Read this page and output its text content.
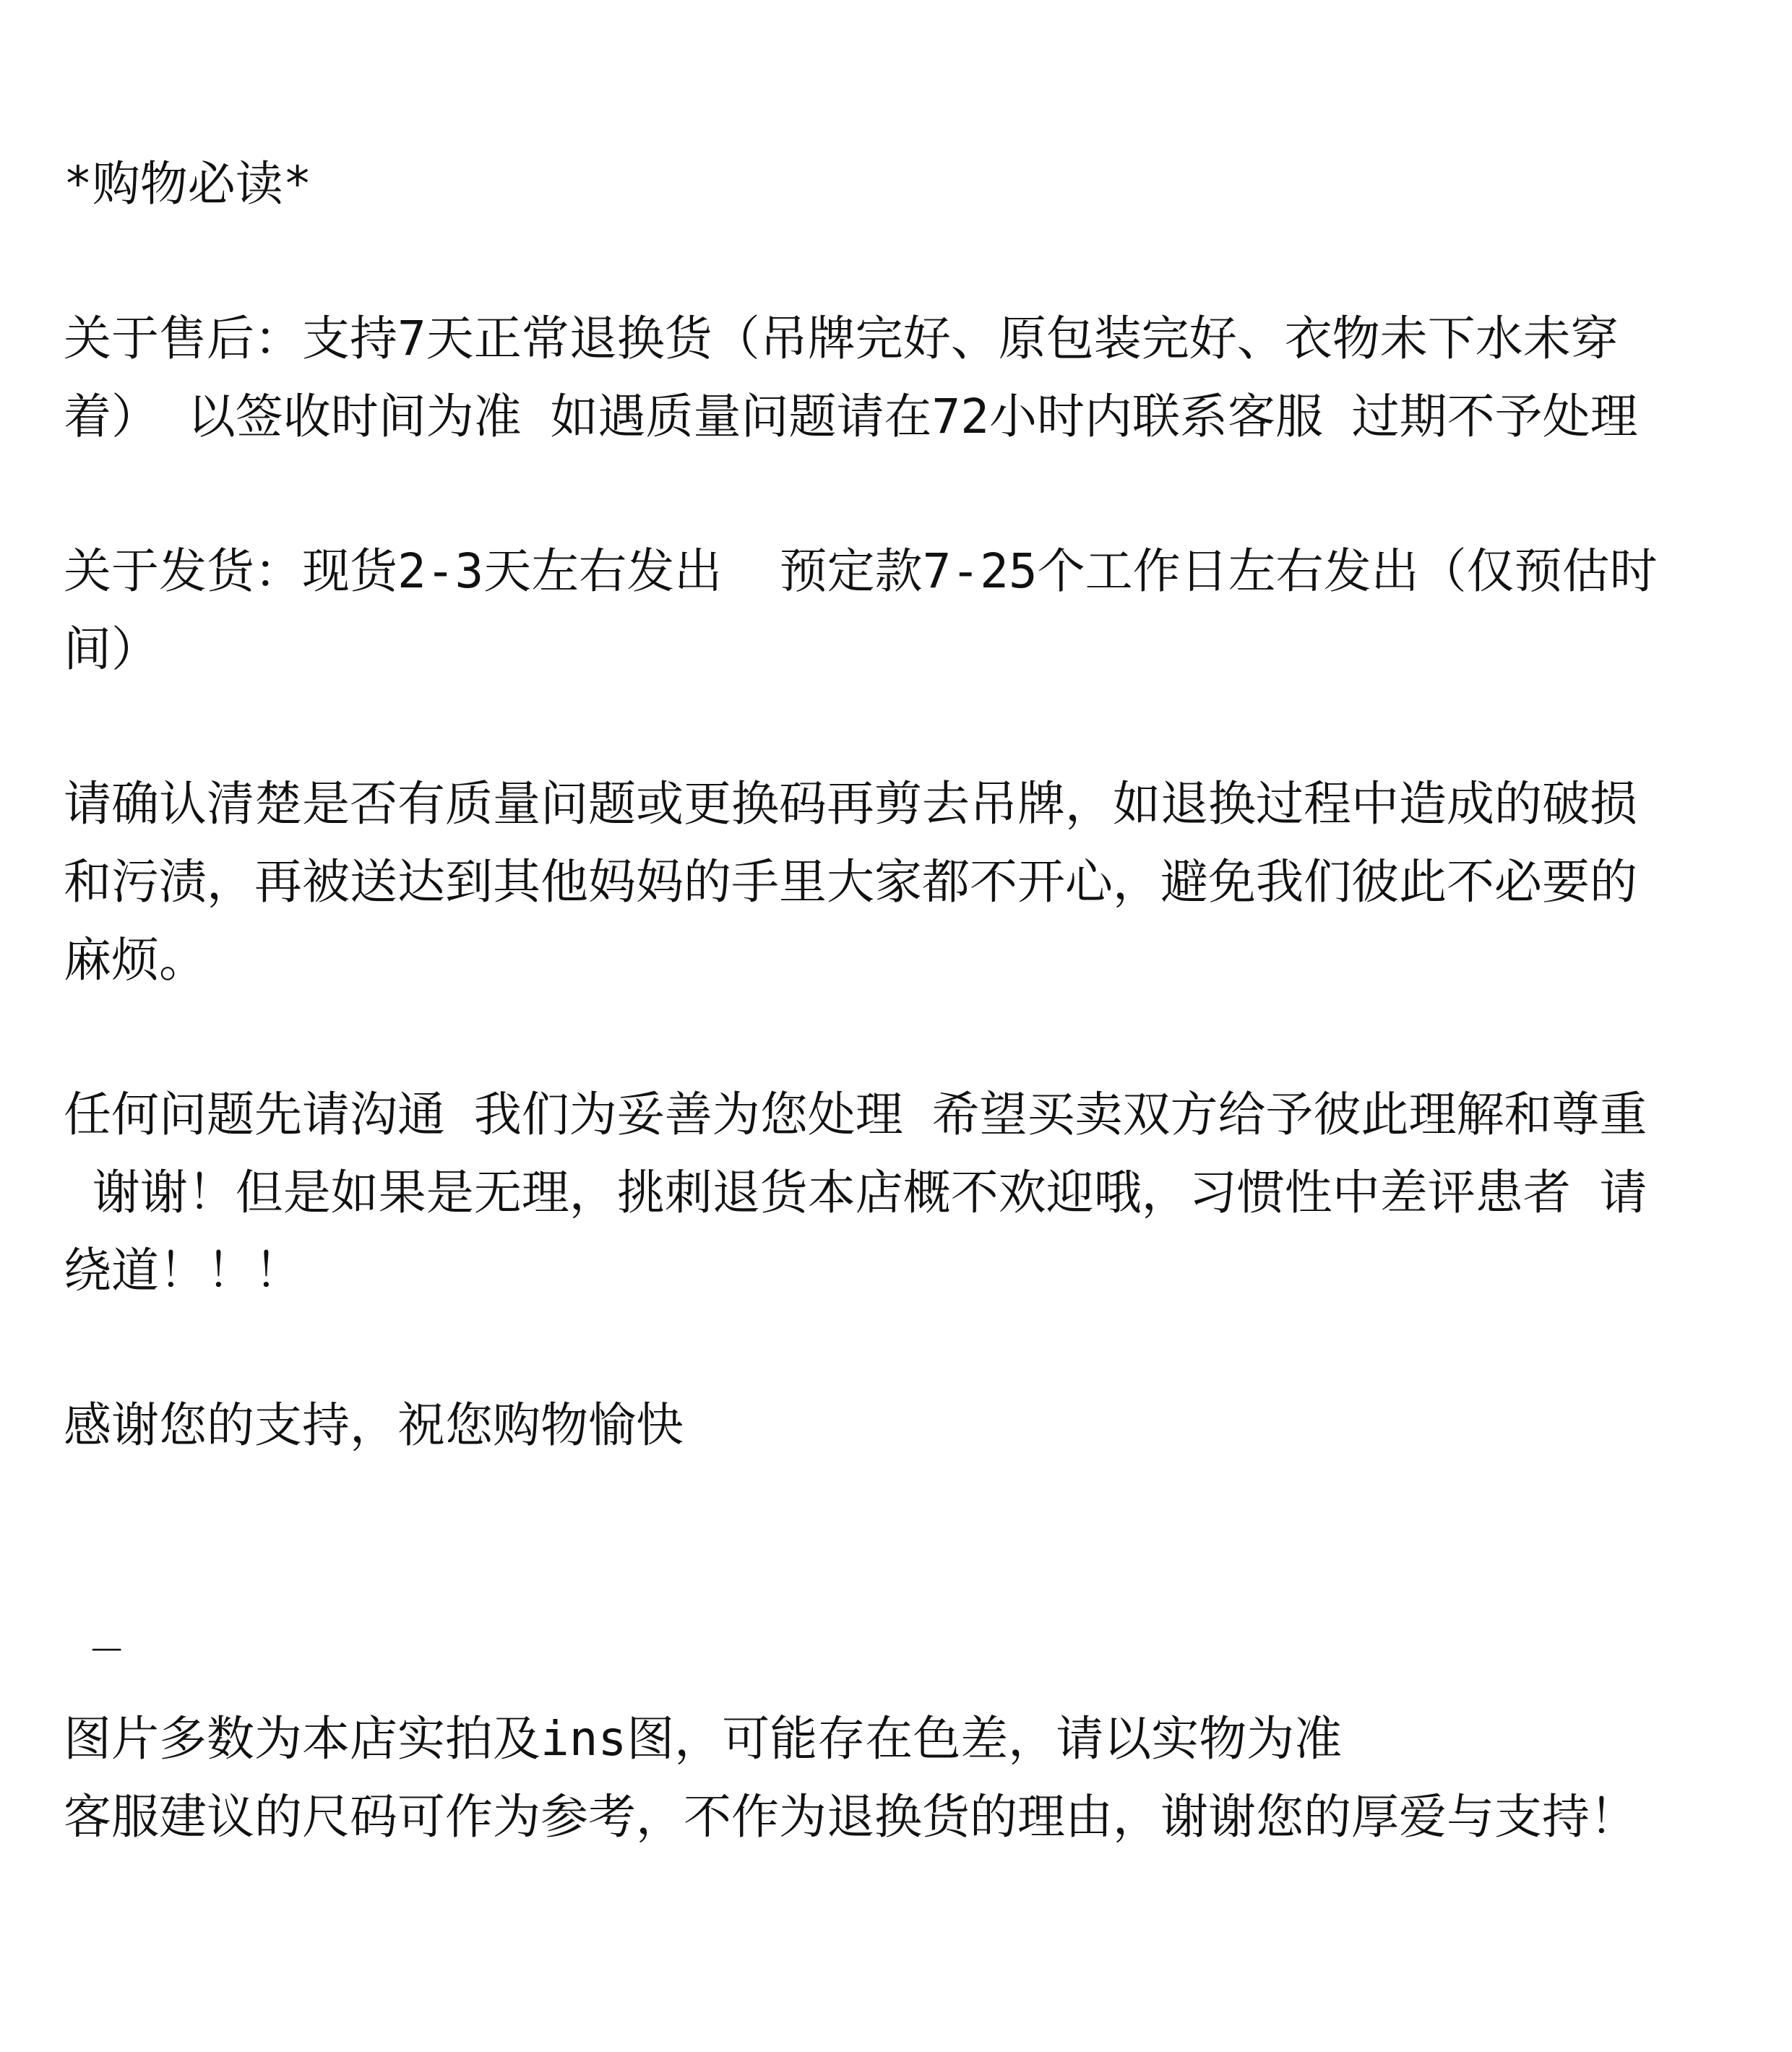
*购物必读*

关于售后：支持7天正常退换货（吊牌完好、原包装完好、衣物未下水未穿

着） 以签收时间为准 如遇质量问题请在72小时内联系客服 过期不予处理

关于发货：现货2-3天左右发出  预定款7-25个工作日左右发出（仅预估时

间）

请确认清楚是否有质量问题或更换码再剪去吊牌，如退换过程中造成的破损

和污渍，再被送达到其他妈妈的手里大家都不开心，避免我们彼此不必要的

麻烦。

任何问题先请沟通 我们为妥善为您处理 希望买卖双方给予彼此理解和尊重

谢谢！但是如果是无理，挑刺退货本店概不欢迎哦，习惯性中差评患者 请

绕道！！！

感谢您的支持，祝您购物愉快

_

图片多数为本店实拍及ins图，可能存在色差，请以实物为准

客服建议的尺码可作为参考，不作为退换货的理由，谢谢您的厚爱与支持！
